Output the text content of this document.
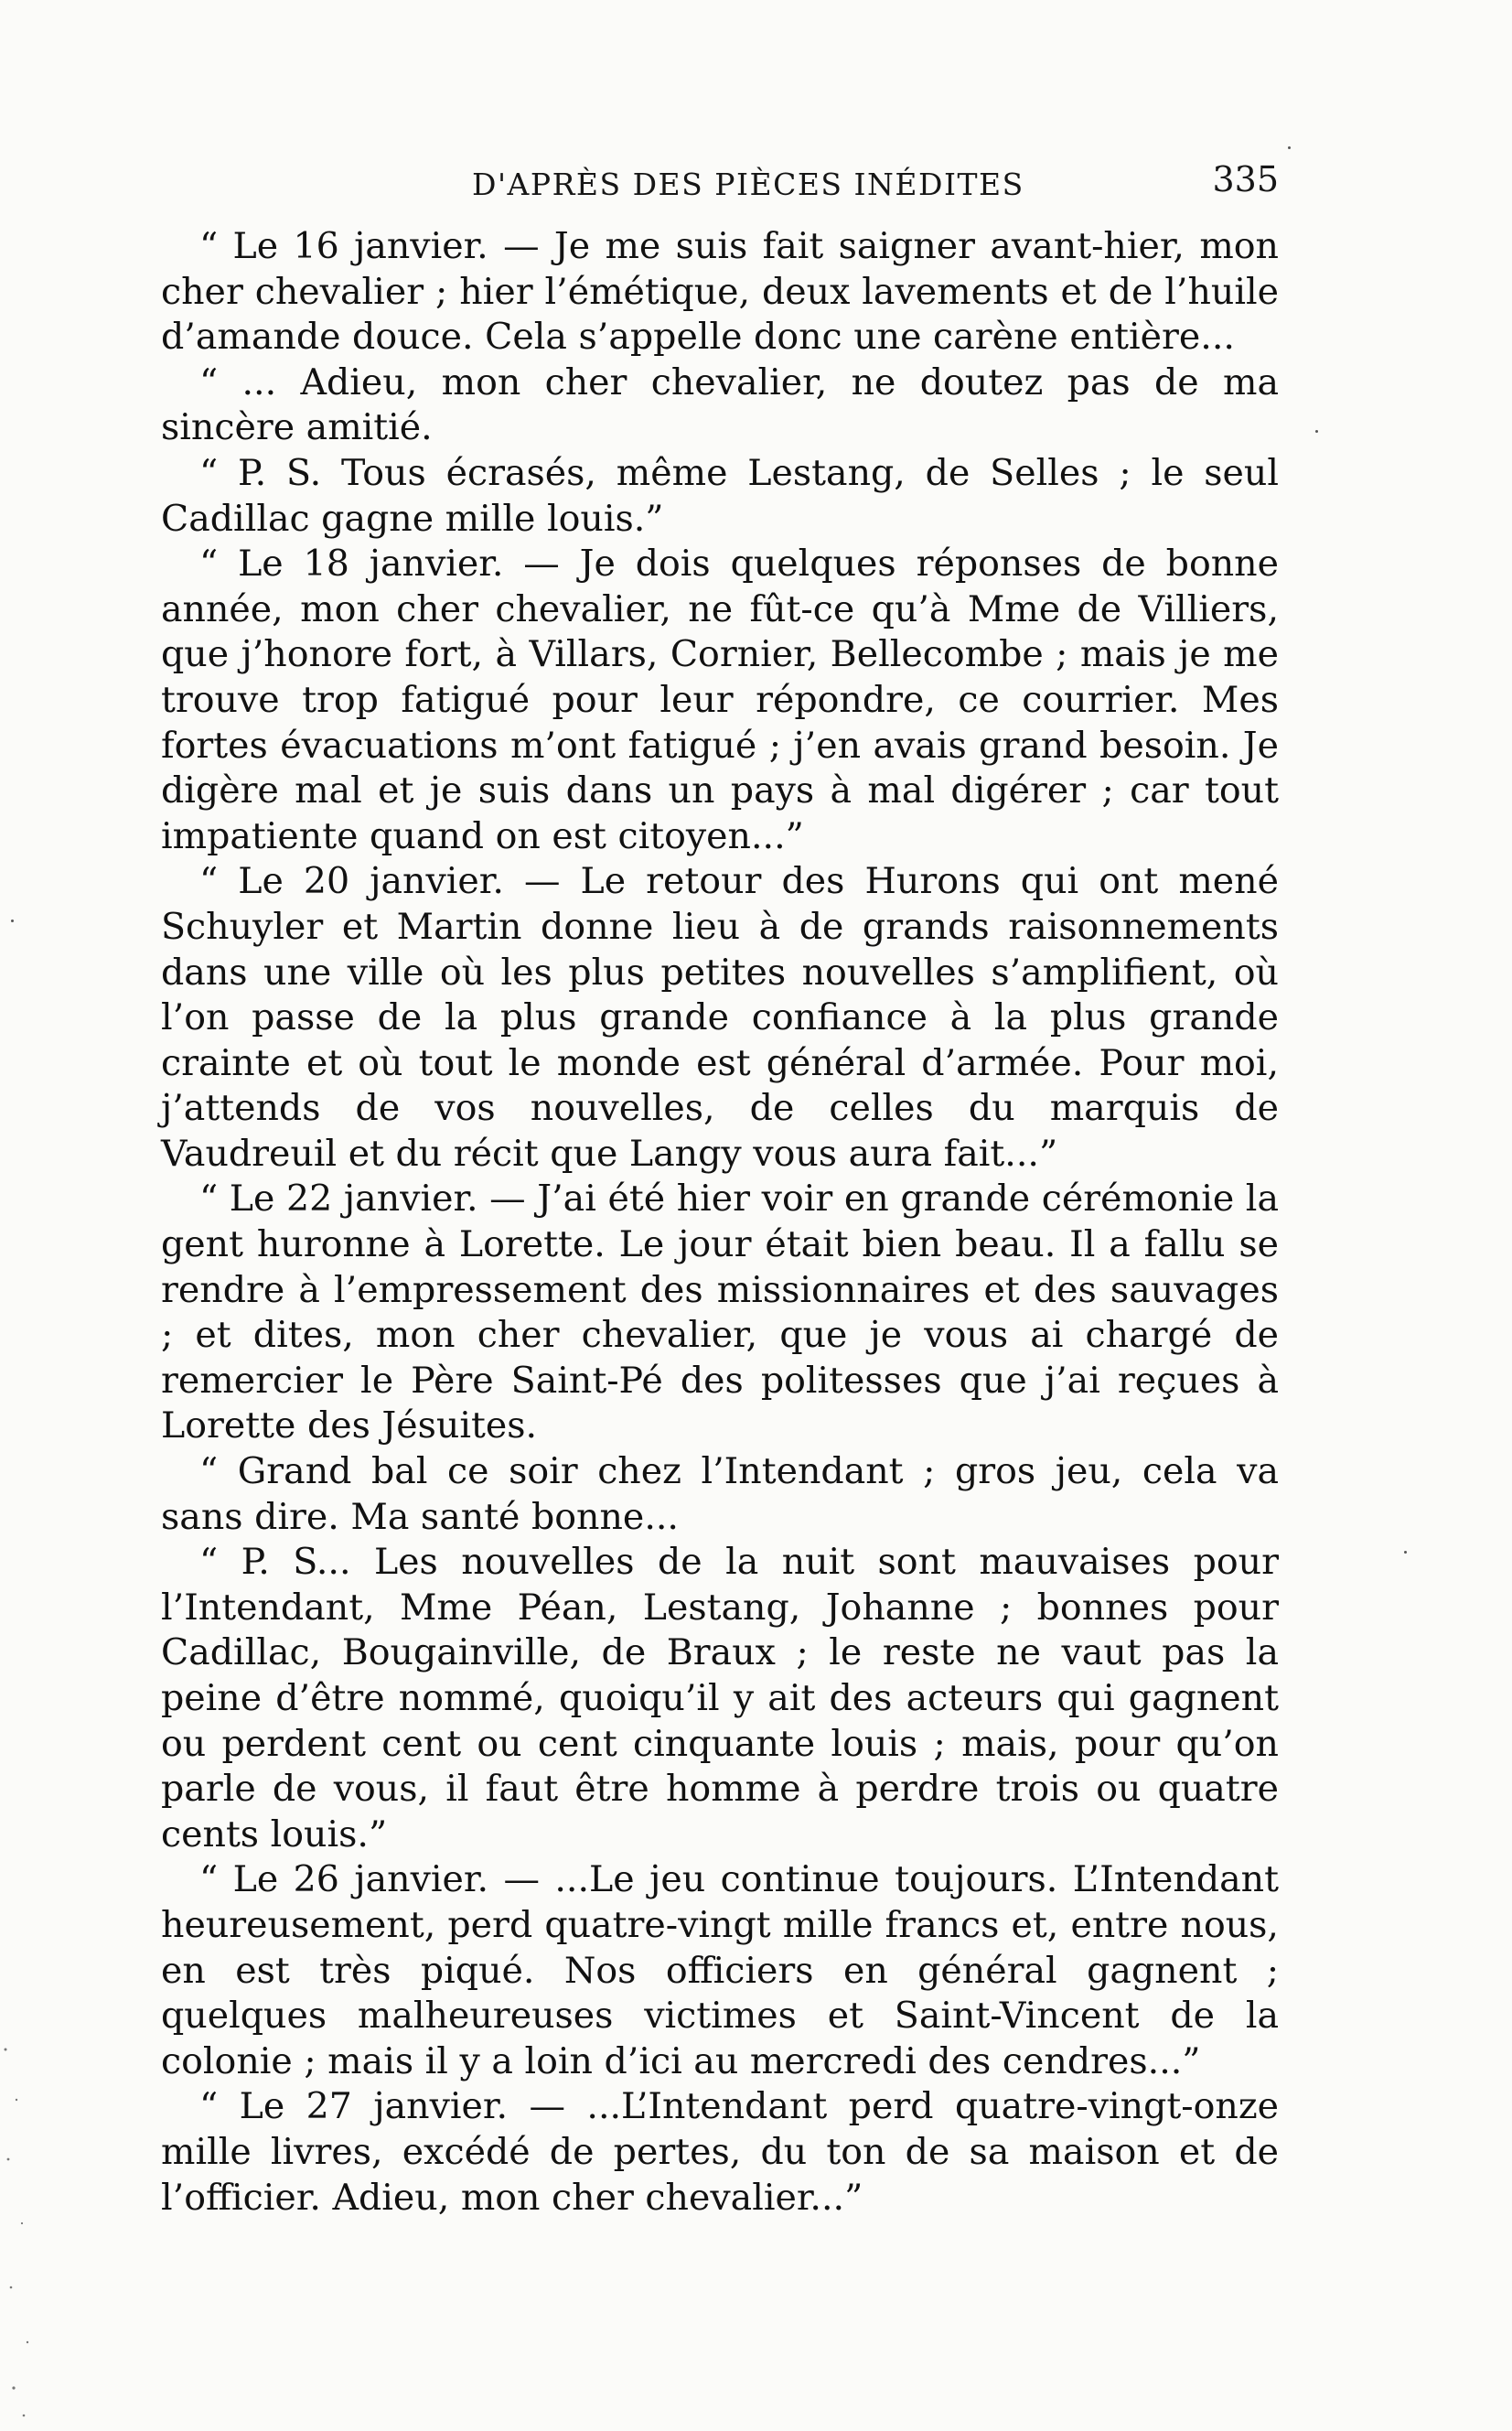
D'APRÈS DES PIÈCES INÉDITES	335

“ Le 16 janvier. — Je me suis fait saigner avant-hier, mon cher chevalier ; hier l’émétique, deux lavements et de l’huile d’amande douce. Cela s’appelle donc une carène entière...

“ ... Adieu, mon cher chevalier, ne doutez pas de ma sincère amitié.

“ P. S. Tous écrasés, même Lestang, de Selles ; le seul Cadillac gagne mille louis.”

“ Le 18 janvier. — Je dois quelques réponses de bonne année, mon cher chevalier, ne fût-ce qu’à Mme de Villiers, que j’honore fort, à Villars, Cornier, Bellecombe ; mais je me trouve trop fatigué pour leur répondre, ce courrier. Mes fortes évacuations m’ont fatigué ; j’en avais grand besoin. Je digère mal et je suis dans un pays à mal digérer ; car tout impatiente quand on est citoyen...”

“ Le 20 janvier. — Le retour des Hurons qui ont mené Schuyler et Martin donne lieu à de grands raisonnements dans une ville où les plus petites nouvelles s’amplifient, où l’on passe de la plus grande confiance à la plus grande crainte et où tout le monde est général d’armée. Pour moi, j’attends de vos nouvelles, de celles du marquis de Vaudreuil et du récit que Langy vous aura fait...”

“ Le 22 janvier. — J’ai été hier voir en grande cérémonie la gent huronne à Lorette. Le jour était bien beau. Il a fallu se rendre à l’empressement des missionnaires et des sauvages ; et dites, mon cher chevalier, que je vous ai chargé de remercier le Père Saint-Pé des politesses que j’ai reçues à Lorette des Jésuites.

“ Grand bal ce soir chez l’Intendant ; gros jeu, cela va sans dire. Ma santé bonne...

“ P. S... Les nouvelles de la nuit sont mauvaises pour l’Intendant, Mme Péan, Lestang, Johanne ; bonnes pour Cadillac, Bougainville, de Braux ; le reste ne vaut pas la peine d’être nommé, quoiqu’il y ait des acteurs qui gagnent ou perdent cent ou cent cinquante louis ; mais, pour qu’on parle de vous, il faut être homme à perdre trois ou quatre cents louis.”

“ Le 26 janvier. — ...Le jeu continue toujours. L’Intendant heureusement, perd quatre-vingt mille francs et, entre nous, en est très piqué. Nos officiers en général gagnent ; quelques malheureuses victimes et Saint-Vincent de la colonie ; mais il y a loin d’ici au mercredi des cendres...”

“ Le 27 janvier. — ...L’Intendant perd quatre-vingt-onze mille livres, excédé de pertes, du ton de sa maison et de l’officier. Adieu, mon cher chevalier...”
